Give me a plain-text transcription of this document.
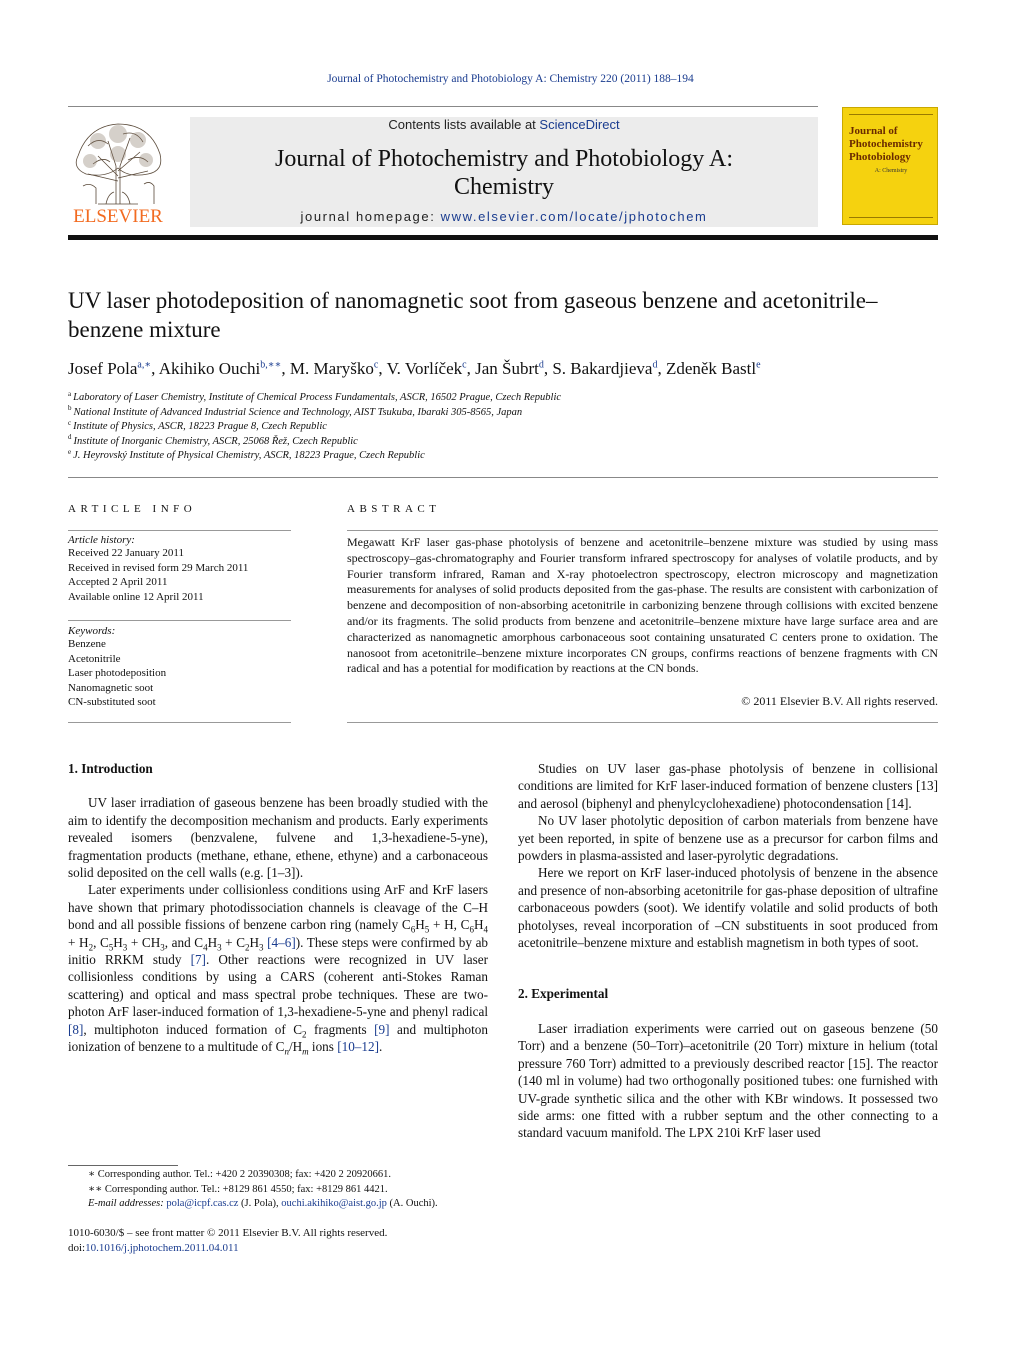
Journal of Photochemistry and Photobiology A: Chemistry 220 (2011) 188–194
ELSEVIER
Contents lists available at ScienceDirect
Journal of Photochemistry and Photobiology A:
Chemistry
journal homepage: www.elsevier.com/locate/jphotochem
Journal of Photochemistry Photobiology
A: Chemistry
UV laser photodeposition of nanomagnetic soot from gaseous benzene and acetonitrile–benzene mixture
Josef Pola$^{a,∗}$, Akihiko Ouchi$^{b,∗∗}$, M. Maryško$^c$, V. Vorlíček$^c$, Jan Šubrt$^d$, S. Bakardjieva$^d$, Zdeněk Bastl$^e$
$^a$ Laboratory of Laser Chemistry, Institute of Chemical Process Fundamentals, ASCR, 16502 Prague, Czech Republic
$^b$ National Institute of Advanced Industrial Science and Technology, AIST Tsukuba, Ibaraki 305-8565, Japan
$^c$ Institute of Physics, ASCR, 18223 Prague 8, Czech Republic
$^d$ Institute of Inorganic Chemistry, ASCR, 25068 Řež, Czech Republic
$^e$ J. Heyrovský Institute of Physical Chemistry, ASCR, 18223 Prague, Czech Republic
ARTICLE INFO
Article history:
Received 22 January 2011
Received in revised form 29 March 2011
Accepted 2 April 2011
Available online 12 April 2011
Keywords:
Benzene
Acetonitrile
Laser photodeposition
Nanomagnetic soot
CN-substituted soot
ABSTRACT
Megawatt KrF laser gas-phase photolysis of benzene and acetonitrile–benzene mixture was studied by using mass spectroscopy–gas-chromatography and Fourier transform infrared spectroscopy for analyses of volatile products, and by Fourier transform infrared, Raman and X-ray photoelectron spectroscopy, electron microscopy and magnetization measurements for analyses of solid products deposited from the gas-phase. The results are consistent with carbonization of benzene and decomposition of non-absorbing acetonitrile in carbonizing benzene through collisions with excited benzene and/or its fragments. The solid products from benzene and acetonitrile–benzene mixture have large surface area and are characterized as nanomagnetic amorphous carbonaceous soot containing unsaturated C centers prone to oxidation. The nanosoot from acetonitrile–benzene mixture incorporates CN groups, confirms reactions of benzene fragments with CN radical and has a potential for modification by reactions at the CN bonds.
© 2011 Elsevier B.V. All rights reserved.
1. Introduction

UV laser irradiation of gaseous benzene has been broadly studied with the aim to identify the decomposition mechanism and products. Early experiments revealed isomers (benzvalene, fulvene and 1,3-hexadiene-5-yne), fragmentation products (methane, ethane, ethene, ethyne) and a carbonaceous solid deposited on the cell walls (e.g. [1–3]).

Later experiments under collisionless conditions using ArF and KrF lasers have shown that primary photodissociation channels is cleavage of the C–H bond and all possible fissions of benzene carbon ring (namely $C_6H_5 + H$, $C_6H_4 + H_2$, $C_5H_3 + CH_3$, and $C_4H_3 + C_2H_3$ [4–6]). These steps were confirmed by ab initio RRKM study [7]. Other reactions were recognized in UV laser collisionless conditions by using a CARS (coherent anti-Stokes Raman scattering) and optical and mass spectral probe techniques. These are two-photon ArF laser-induced formation of 1,3-hexadiene-5-yne and phenyl radical [8], multiphoton induced formation of $C_2$ fragments [9] and multiphoton ionization of benzene to a multitude of $C_n/H_m$ ions [10–12].

Studies on UV laser gas-phase photolysis of benzene in collisional conditions are limited for KrF laser-induced formation of benzene clusters [13] and aerosol (biphenyl and phenylcyclohexadiene) photocondensation [14].

No UV laser photolytic deposition of carbon materials from benzene have yet been reported, in spite of benzene use as a precursor for carbon films and powders in plasma-assisted and laser-pyrolytic degradations.

Here we report on KrF laser-induced photolysis of benzene in the absence and presence of non-absorbing acetonitrile for gas-phase deposition of ultrafine carbonaceous powders (soot). We identify volatile and solid products of both photolyses, reveal incorporation of –CN substituents in soot produced from acetonitrile–benzene mixture and establish magnetism in both types of soot.

2. Experimental

Laser irradiation experiments were carried out on gaseous benzene (50 Torr) and a benzene (50–Torr)–acetonitrile (20 Torr) mixture in helium (total pressure 760 Torr) admitted to a previously described reactor [15]. The reactor (140 ml in volume) had two orthogonally positioned tubes: one furnished with UV-grade synthetic silica and the other with KBr windows. It possessed two side arms: one fitted with a rubber septum and the other connecting to a standard vacuum manifold. The LPX 210i KrF laser used

∗ Corresponding author. Tel.: +420 2 20390308; fax: +420 2 20920661.
∗∗ Corresponding author. Tel.: +8129 861 4550; fax: +8129 861 4421.
E-mail addresses: pola@icpf.cas.cz (J. Pola), ouchi.akihiko@aist.go.jp (A. Ouchi).
1010-6030/$ – see front matter © 2011 Elsevier B.V. All rights reserved.
doi:10.1016/j.jphotochem.2011.04.011
